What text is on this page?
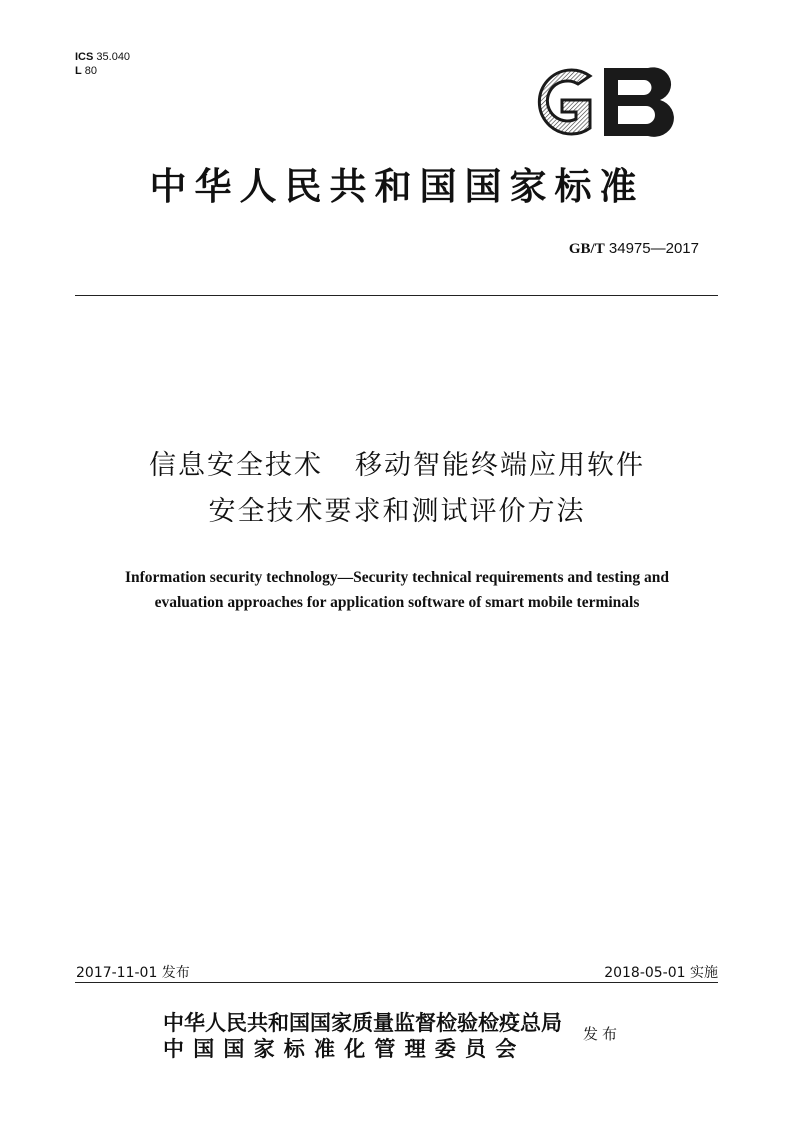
ICS 35.040
L 80
中华人民共和国国家标准
GB/T 34975—2017
信息安全技术 移动智能终端应用软件
安全技术要求和测试评价方法
Information security technology—Security technical requirements and testing and
evaluation approaches for application software of smart mobile terminals
2017-11-01 发布	2018-05-01 实施
中华人民共和国国家质量监督检验检疫总局
中国国家标准化管理委员会
发布
